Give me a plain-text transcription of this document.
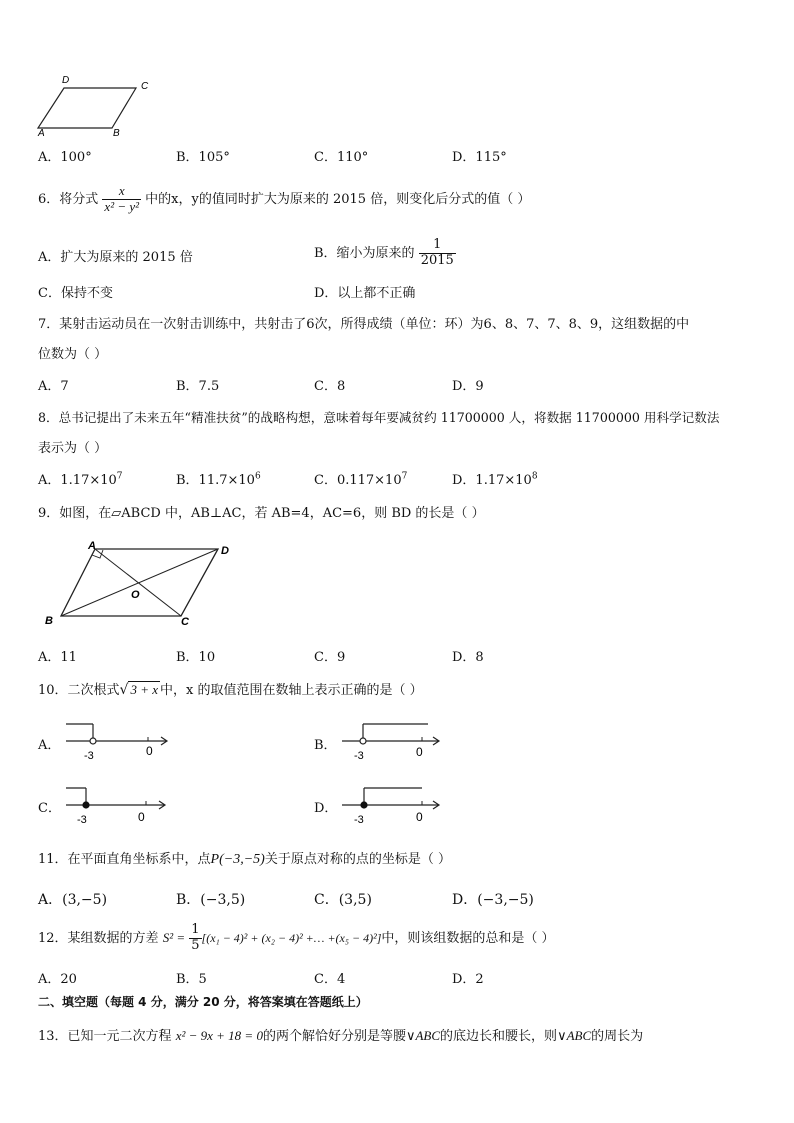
D
C
A	B
A．100°	B．105°	C．110°	D．115°
6．将分式 $\frac{x}{\text{x² − y²}}$ 中的x，y的值同时扩大为原来的 2015 倍，则变化后分式的值（ ）
A．扩大为原来的 2015 倍	B．缩小为原来的 $\frac{1}{2015}$
C．保持不变	D．以上都不正确
7．某射击运动员在一次射击训练中，共射击了6次，所得成绩（单位：环）为6、8、7、7、8、9，这组数据的中
位数为（ ）
A．7	B．7.5	C．8	D．9
8．总书记提出了未来五年“精准扶贫”的战略构想，意味着每年要减贫约 11700000 人，将数据 11700000 用科学记数法
表示为（ ）
A．$1.17\times 10^7$	B．$11.7\times 10^6$	C．$0.117\times 10^7$	D．$1.17\times 10^8$
9．如图，在▱ABCD 中，AB⊥AC，若 AB=4，AC=6，则 BD 的长是（ ）
A	D
O
B	C
A．11	B．10	C．9	D．8
10．二次根式√ 3 + x 中，x 的取值范围在数轴上表示正确的是（ ）
A．
-3	0	B．
-3	0
C．
-3	0
D．
-3	0
11．在平面直角坐标系中，点P(−3,−5)关于原点对称的点的坐标是（ ）
A．(3,−5)	B．(−3,5)	C．(3,5)	D．(−3,−5)
12．某组数据的方差 $S^2 = \frac{1}{5} [(x_1 - 4)^2 + (x_2 - 4)^2$ +… +(x₅ − 4)²]中，则该组数据的总和是（ ）
A．20	B．5	C．4	D．2
二、填空题（每题 4 分，满分 20 分，将答案填在答题纸上）
13．已知一元二次方程 x² − 9x + 18 = 0的两个解恰好分别是等腰∨ABC的底边长和腰长，则∨ABC的周长为
